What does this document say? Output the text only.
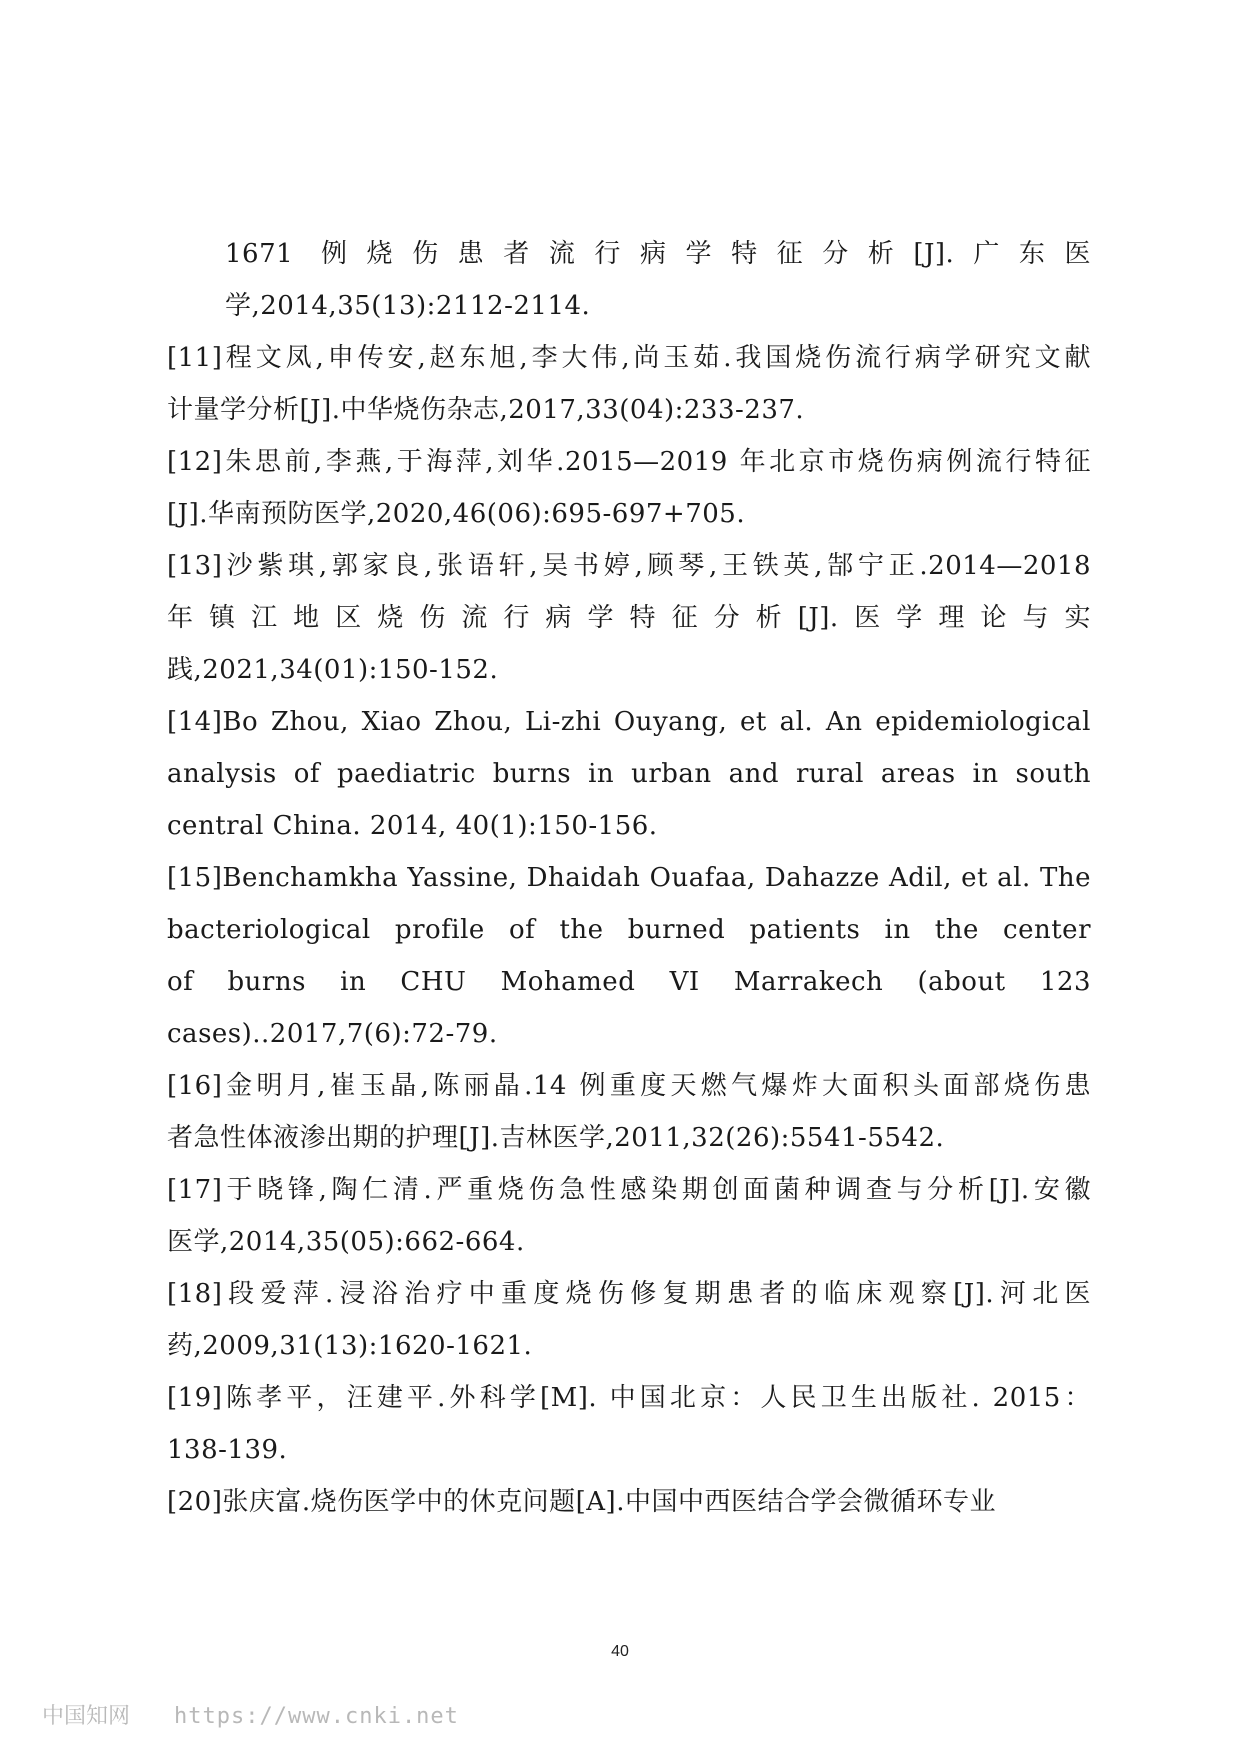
1671 例烧伤患者流行病学特征分析[J].广东医
学,2014,35(13):2112-2114.
[11]程文凤,申传安,赵东旭,李大伟,尚玉茹.我国烧伤流行病学研究文献
计量学分析[J].中华烧伤杂志,2017,33(04):233-237.
[12]朱思前,李燕,于海萍,刘华.2015—2019 年北京市烧伤病例流行特征
[J].华南预防医学,2020,46(06):695-697+705.
[13]沙紫琪,郭家良,张语轩,吴书婷,顾琴,王铁英,郜宁正.2014—2018
年镇江地区烧伤流行病学特征分析[J].医学理论与实
践,2021,34(01):150-152.
[14]Bo Zhou, Xiao Zhou, Li-zhi Ouyang, et al. An epidemiological
analysis of paediatric burns in urban and rural areas in south
central China. 2014, 40(1):150-156.
[15]Benchamkha Yassine, Dhaidah Ouafaa, Dahazze Adil, et al. The
bacteriological profile of the burned patients in the center
of burns in CHU Mohamed VI Marrakech (about 123
cases)..2017,7(6):72-79.
[16]金明月,崔玉晶,陈丽晶.14 例重度天燃气爆炸大面积头面部烧伤患
者急性体液渗出期的护理[J].吉林医学,2011,32(26):5541-5542.
[17]于晓锋,陶仁清.严重烧伤急性感染期创面菌种调查与分析[J].安徽
医学,2014,35(05):662-664.
[18]段爱萍.浸浴治疗中重度烧伤修复期患者的临床观察[J].河北医
药,2009,31(13):1620-1621.
[19]陈孝平，汪建平.外科学[M]. 中国北京：人民卫生出版社. 2015：
138-139.
[20]张庆富.烧伤医学中的休克问题[A].中国中西医结合学会微循环专业
40
中国知网 https://www.cnki.net
